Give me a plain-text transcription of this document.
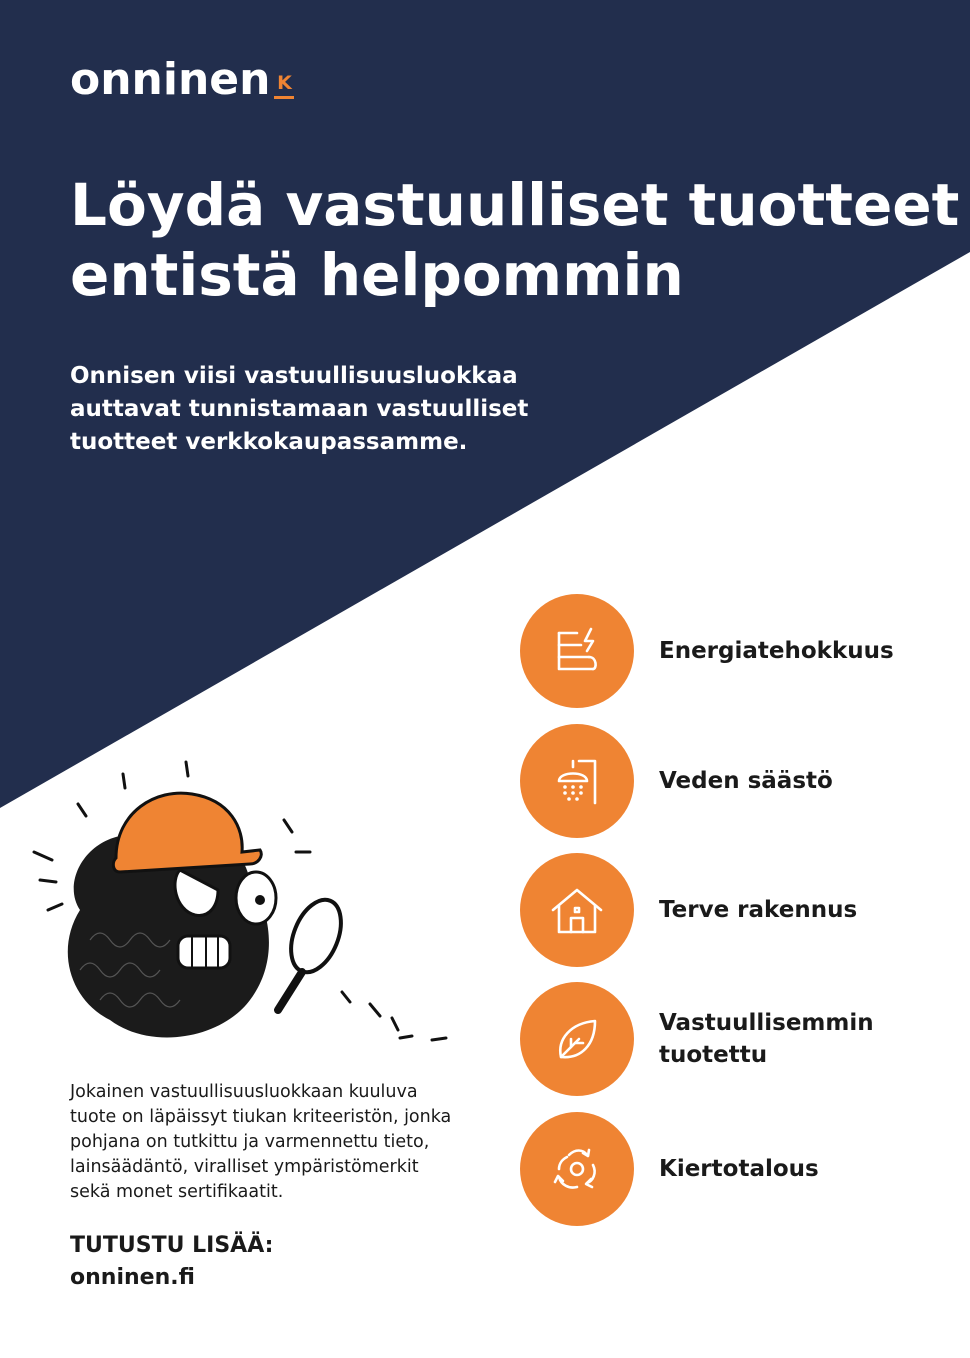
onninen K
Löydä vastuulliset tuotteet
entistä helpommin

Onnisen viisi vastuullisuusluokkaa
auttavat tunnistamaan vastuulliset
tuotteet verkkokaupassamme.

Jokainen vastuullisuusluokkaan kuuluva
tuote on läpäissyt tiukan kriteeristön, jonka
pohjana on tutkittu ja varmennettu tieto,
lainsäädäntö, viralliset ympäristömerkit
sekä monet sertifikaatit.

TUTUSTU LISÄÄ:
onninen.fi
Energiatehokkuus
Veden säästö
Terve rakennus
Vastuullisemmin
tuotettu
Kiertotalous
